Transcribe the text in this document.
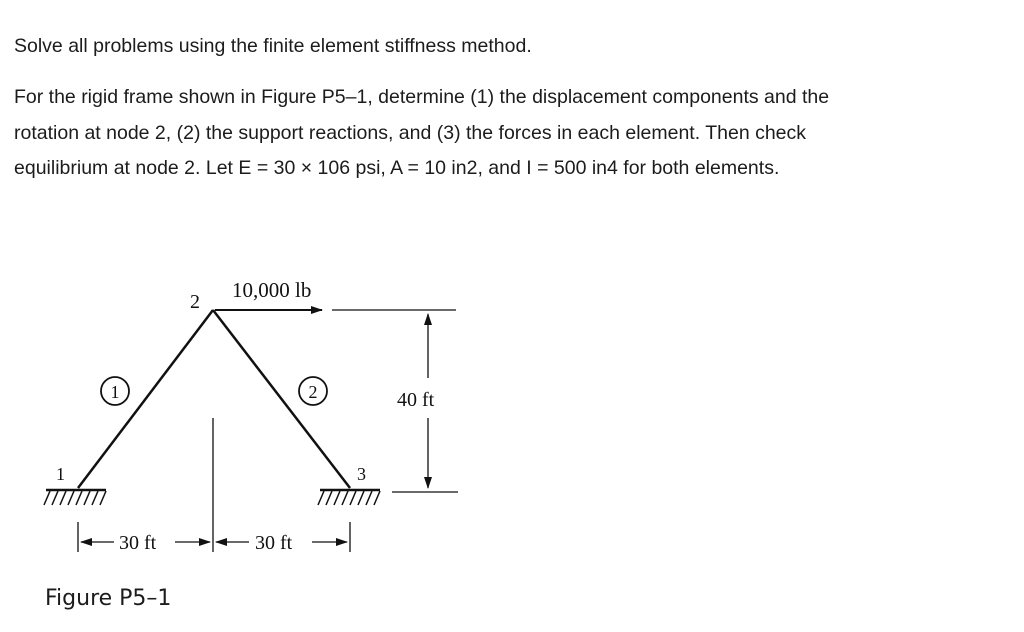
Solve all problems using the finite element stiffness method.

For the rigid frame shown in Figure P5–1, determine (1) the displacement components and the
rotation at node 2, (2) the support reactions, and (3) the forces in each element. Then check
equilibrium at node 2. Let E = 30 × 106 psi, A = 10 in2, and I = 500 in4 for both elements.

1
2
3
1	2
10,000 lb
40 ft
30 ft	30 ft

Figure P5–1
